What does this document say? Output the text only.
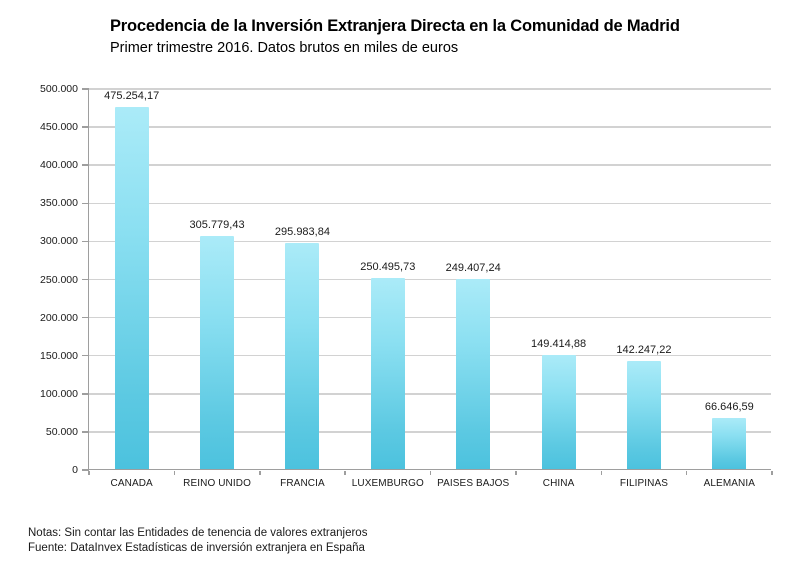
Procedencia de la Inversión Extranjera Directa en la Comunidad de Madrid
Primer trimestre 2016. Datos brutos en miles de euros
0
50.000
100.000
150.000
200.000
250.000
300.000
350.000
400.000
450.000
500.000
475.254,17
CANADA
305.779,43
REINO UNIDO
295.983,84
FRANCIA
250.495,73
LUXEMBURGO
249.407,24
PAISES BAJOS
149.414,88
CHINA
142.247,22
FILIPINAS
66.646,59
ALEMANIA
Notas: Sin contar las Entidades de tenencia de valores extranjeros
Fuente: DataInvex Estadísticas de inversión extranjera en España
